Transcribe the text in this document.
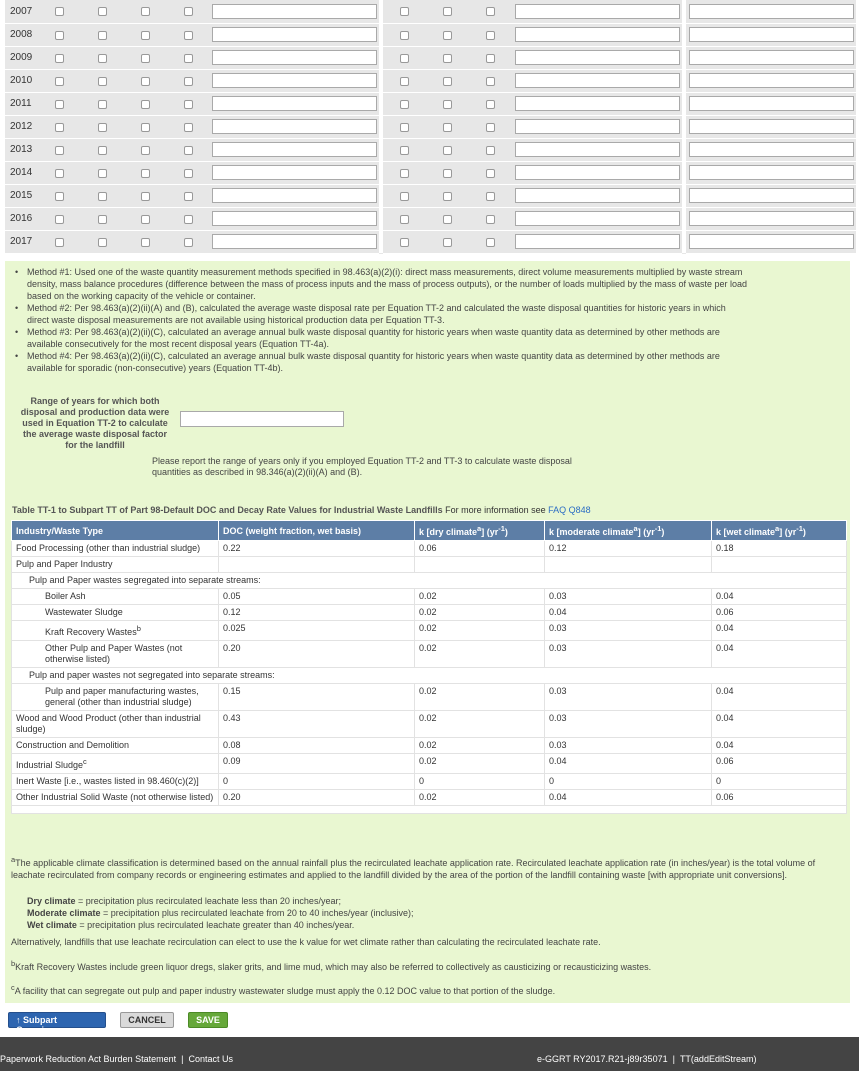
2007					

2008					

2009					

2010					

2011					

2012					

2013					

2014					

2015					

2016					

2017					

• Method #1: Used one of the waste quantity measurement methods specified in 98.463(a)(2)(i): direct mass measurements, direct volume measurements multiplied by waste stream density, mass balance procedures (difference between the mass of process inputs and the mass of process outputs), or the number of loads multiplied by the mass of waste per load based on the working capacity of the vehicle or container.
• Method #2: Per 98.463(a)(2)(ii)(A) and (B), calculated the average waste disposal rate per Equation TT-2 and calculated the waste disposal quantities for historic years in which direct waste disposal measurements are not available using historical production data per Equation TT-3.
• Method #3: Per 98.463(a)(2)(ii)(C), calculated an average annual bulk waste disposal quantity for historic years when waste quantity data as determined by other methods are available consecutively for the most recent disposal years (Equation TT-4a).
• Method #4: Per 98.463(a)(2)(ii)(C), calculated an average annual bulk waste disposal quantity for historic years when waste quantity data as determined by other methods are available for sporadic (non-consecutive) years (Equation TT-4b).
Range of years for which both disposal and production data were used in Equation TT-2 to calculate the average waste disposal factor for the landfill
Please report the range of years only if you employed Equation TT-2 and TT-3 to calculate waste disposal quantities as described in 98.346(a)(2)(ii)(A) and (B).
Table TT-1 to Subpart TT of Part 98-Default DOC and Decay Rate Values for Industrial Waste Landfills For more information see FAQ Q848
Industry/Waste Type	DOC (weight fraction, wet basis)	k [dry climate$^a$] $(yr^{-1})$	k [moderate climate$^a$] $(yr^{-1})$	k [wet climate$^a$] $(yr^{-1})$
Food Processing (other than industrial sludge)	0.22	0.06	0.12	0.18
Pulp and Paper Industry				
Pulp and Paper wastes segregated into separate streams:				
Boiler Ash	0.05	0.02	0.03	0.04
Wastewater Sludge	0.12	0.02	0.04	0.06
Kraft Recovery Wastes$^b$	0.025	0.02	0.03	0.04
Other Pulp and Paper Wastes (not otherwise listed)	0.20	0.02	0.03	0.04
Pulp and paper wastes not segregated into separate streams:				
Pulp and paper manufacturing wastes, general (other than industrial sludge)	0.15	0.02	0.03	0.04
Wood and Wood Product (other than industrial sludge)	0.43	0.02	0.03	0.04
Construction and Demolition	0.08	0.02	0.03	0.04
Industrial Sludge$^c$	0.09	0.02	0.04	0.06
Inert Waste [i.e., wastes listed in 98.460(c)(2)]	0	0	0	0
Other Industrial Solid Waste (not otherwise listed)	0.20	0.02	0.04	0.06

$^a$The applicable climate classification is determined based on the annual rainfall plus the recirculated leachate application rate. Recirculated leachate application rate (in inches/year) is the total volume of leachate recirculated from company records or engineering estimates and applied to the landfill divided by the area of the portion of the landfill containing waste [with appropriate unit conversions].
Dry climate = precipitation plus recirculated leachate less than 20 inches/year;
Moderate climate = precipitation plus recirculated leachate from 20 to 40 inches/year (inclusive);
Wet climate = precipitation plus recirculated leachate greater than 40 inches/year.
Alternatively, landfills that use leachate recirculation can elect to use the k value for wet climate rather than calculating the recirculated leachate rate.
$^b$Kraft Recovery Wastes include green liquor dregs, slaker grits, and lime mud, which may also be referred to collectively as causticizing or recausticizing wastes.
$^c$A facility that can segregate out pulp and paper industry wastewater sludge must apply the 0.12 DOC value to that portion of the sludge.
↑ Subpart Overview
CANCEL	SAVE
Paperwork Reduction Act Burden Statement | Contact Us	e-GGRT RY2017.R21-j89r35071 | TT(addEditStream)
